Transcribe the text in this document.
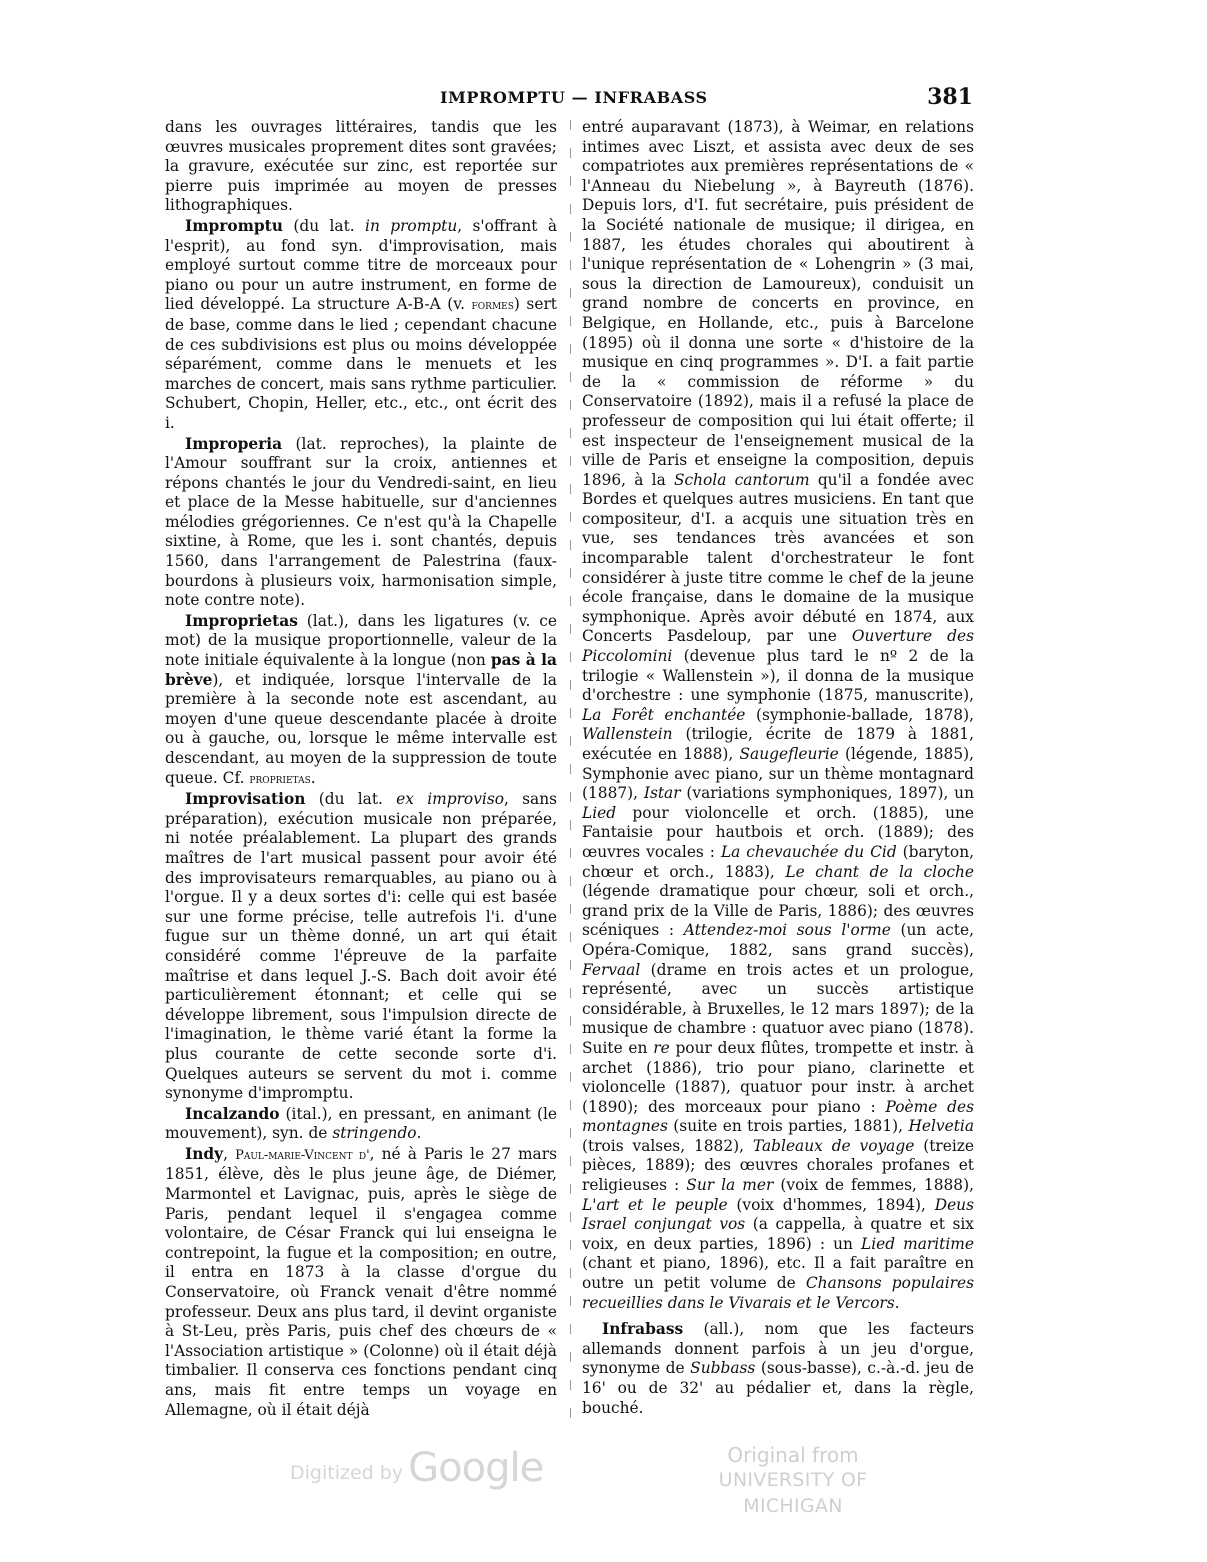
IMPROMPTU — INFRABASS	381

dans les ouvrages littéraires, tandis que les œuvres musicales proprement dites sont gravées; la gravure, exécutée sur zinc, est reportée sur pierre puis imprimée au moyen de presses lithographiques.

Impromptu (du lat. in promptu, s'offrant à l'esprit), au fond syn. d'improvisation, mais employé surtout comme titre de morceaux pour piano ou pour un autre instrument, en forme de lied développé. La structure A-B-A (v. formes) sert de base, comme dans le lied ; cependant chacune de ces subdivisions est plus ou moins développée séparément, comme dans le menuets et les marches de concert, mais sans rythme particulier. Schubert, Chopin, Heller, etc., etc., ont écrit des i.

Improperia (lat. reproches), la plainte de l'Amour souffrant sur la croix, antiennes et répons chantés le jour du Vendredi-saint, en lieu et place de la Messe habituelle, sur d'anciennes mélodies grégoriennes. Ce n'est qu'à la Chapelle sixtine, à Rome, que les i. sont chantés, depuis 1560, dans l'arrangement de Palestrina (faux-bourdons à plusieurs voix, harmonisation simple, note contre note).

Improprietas (lat.), dans les ligatures (v. ce mot) de la musique proportionnelle, valeur de la note initiale équivalente à la longue (non pas à la brève), et indiquée, lorsque l'intervalle de la première à la seconde note est ascendant, au moyen d'une queue descendante placée à droite ou à gauche, ou, lorsque le même intervalle est descendant, au moyen de la suppression de toute queue. Cf. proprietas.

Improvisation (du lat. ex improviso, sans préparation), exécution musicale non préparée, ni notée préalablement. La plupart des grands maîtres de l'art musical passent pour avoir été des improvisateurs remarquables, au piano ou à l'orgue. Il y a deux sortes d'i: celle qui est basée sur une forme précise, telle autrefois l'i. d'une fugue sur un thème donné, un art qui était considéré comme l'épreuve de la parfaite maîtrise et dans lequel J.-S. Bach doit avoir été particulièrement étonnant; et celle qui se développe librement, sous l'impulsion directe de l'imagination, le thème varié étant la forme la plus courante de cette seconde sorte d'i. Quelques auteurs se servent du mot i. comme synonyme d'impromptu.

Incalzando (ital.), en pressant, en animant (le mouvement), syn. de stringendo.

Indy, Paul-marie-Vincent d', né à Paris le 27 mars 1851, élève, dès le plus jeune âge, de Diémer, Marmontel et Lavignac, puis, après le siège de Paris, pendant lequel il s'engagea comme volontaire, de César Franck qui lui enseigna le contrepoint, la fugue et la composition; en outre, il entra en 1873 à la classe d'orgue du Conservatoire, où Franck venait d'être nommé professeur. Deux ans plus tard, il devint organiste à St-Leu, près Paris, puis chef des chœurs de « l'Association artistique » (Colonne) où il était déjà timbalier. Il conserva ces fonctions pendant cinq ans, mais fit entre temps un voyage en Allemagne, où il était déjà

entré auparavant (1873), à Weimar, en relations intimes avec Liszt, et assista avec deux de ses compatriotes aux premières représentations de « l'Anneau du Niebelung », à Bayreuth (1876). Depuis lors, d'I. fut secrétaire, puis président de la Société nationale de musique; il dirigea, en 1887, les études chorales qui aboutirent à l'unique représentation de « Lohengrin » (3 mai, sous la direction de Lamoureux), conduisit un grand nombre de concerts en province, en Belgique, en Hollande, etc., puis à Barcelone (1895) où il donna une sorte « d'histoire de la musique en cinq programmes ». D'I. a fait partie de la « commission de réforme » du Conservatoire (1892), mais il a refusé la place de professeur de composition qui lui était offerte; il est inspecteur de l'enseignement musical de la ville de Paris et enseigne la composition, depuis 1896, à la Schola cantorum qu'il a fondée avec Bordes et quelques autres musiciens. En tant que compositeur, d'I. a acquis une situation très en vue, ses tendances très avancées et son incomparable talent d'orchestrateur le font considérer à juste titre comme le chef de la jeune école française, dans le domaine de la musique symphonique. Après avoir débuté en 1874, aux Concerts Pasdeloup, par une Ouverture des Piccolomini (devenue plus tard le nº 2 de la trilogie « Wallenstein »), il donna de la musique d'orchestre : une symphonie (1875, manuscrite), La Forêt enchantée (symphonie-ballade, 1878), Wallenstein (trilogie, écrite de 1879 à 1881, exécutée en 1888), Saugefleurie (légende, 1885), Symphonie avec piano, sur un thème montagnard (1887), Istar (variations symphoniques, 1897), un Lied pour violoncelle et orch. (1885), une Fantaisie pour hautbois et orch. (1889); des œuvres vocales : La chevauchée du Cid (baryton, chœur et orch., 1883), Le chant de la cloche (légende dramatique pour chœur, soli et orch., grand prix de la Ville de Paris, 1886); des œuvres scéniques : Attendez-moi sous l'orme (un acte, Opéra-Comique, 1882, sans grand succès), Fervaal (drame en trois actes et un prologue, représenté, avec un succès artistique considérable, à Bruxelles, le 12 mars 1897); de la musique de chambre : quatuor avec piano (1878). Suite en re pour deux flûtes, trompette et instr. à archet (1886), trio pour piano, clarinette et violoncelle (1887), quatuor pour instr. à archet (1890); des morceaux pour piano : Poème des montagnes (suite en trois parties, 1881), Helvetia (trois valses, 1882), Tableaux de voyage (treize pièces, 1889); des œuvres chorales profanes et religieuses : Sur la mer (voix de femmes, 1888), L'art et le peuple (voix d'hommes, 1894), Deus Israel conjungat vos (a cappella, à quatre et six voix, en deux parties, 1896) : un Lied maritime (chant et piano, 1896), etc. Il a fait paraître en outre un petit volume de Chansons populaires recueillies dans le Vivarais et le Vercors.

Infrabass (all.), nom que les facteurs allemands donnent parfois à un jeu d'orgue, synonyme de Subbass (sous-basse), c.-à.-d. jeu de 16' ou de 32' au pédalier et, dans la règle, bouché.

Digitized by Google	Original from
UNIVERSITY OF MICHIGAN
